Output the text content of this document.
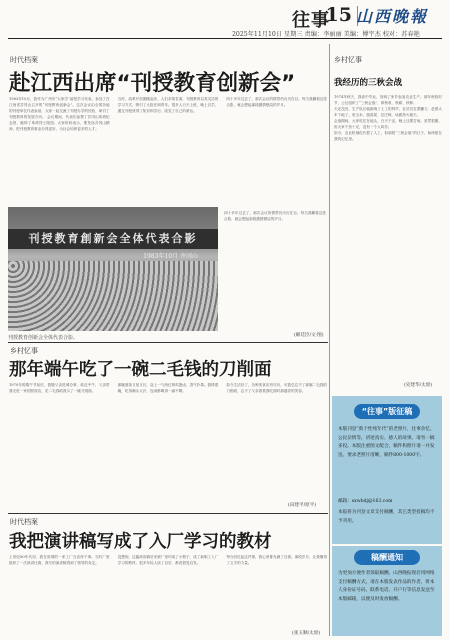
往事
15 山西晚報
2025年11月10日 星期三 责编：李丽丽 美编：傅宇杰 校对：苏春艳
时代档案
赴江西出席“刊授教育创新会”
1983年10月，我作为广州市“大家学”函授学习代表，参加了在江西省井冈山召开的“刊授教育创新会”。这次会议由全国各地的刊授单位代表参加，大家一起交流了刊授办学的经验，研讨了刊授教育的发展方向。 会议期间，代表们参观了井冈山革命纪念馆，瞻仰了革命烈士陵园。大家纷纷表示，要发扬井冈山精神，把刊授教育事业办得更好，为社会培养更多的人才。
当时，改革开放刚刚起步，人们求知若渴，刊授教育以其灵活的学习方式，吸引了大批在职青年。很多人白天上班，晚上自学，通过刊授获得了知识和学历，改变了自己的命运。
四十多年过去了，那次会议的情景仍历历在目。每当我翻看这张合影，就会想起那段激情燃烧的岁月。
刊授教育創新会全体代表合影
1983年10月 井冈山
刊授教育创新会全体代表合影。
四十多年过去了，那次会议的情景仍历历在目。每当我翻看这张合影，就会想起那段激情燃烧的岁月。
(解廷臣/文·图)
乡村忆事
那年端午吃了一碗二毛钱的刀削面
1970年的端午节前后，我随父亲进城办事，临近中午，父亲带我走进一家国营饭店，花二毛钱给我买了一碗刀削面。
那碗面条又宽又长，浇上一勺西红柿鸡蛋卤，香气扑鼻。我捧着碗，吃得满头大汗，连汤都喝得一滴不剩。
如今生活好了，各种美食应有尽有，可我总忘不了那碗二毛钱的刀削面，忘不了父亲看着我吃面时那慈祥的笑容。
(田建平/原平)
时代档案
我把演讲稿写成了入厂学习的教材
上世纪80年代初，我在省城的一家工厂当宣传干事。当时厂里组织了一次演讲比赛，我写的演讲稿得到了领导的肯定。
没想到，这篇演讲稿后来被厂里印成了小册子，成了新职工入厂学习的教材。很多年轻人读了以后，都说很受启发。
每当回忆起这件事，我心里都充满了自豪。那段岁月，让我懂得了文字的力量。
(张玉顺/太原)
乡村忆事
我经历的三秋会战
1974年秋天，我高中毕业，回到了家乡参加农业生产。那年秋收时节，公社组织了“三秋会战”，即秋收、秋耕、秋种。
天还没亮，生产队长就敲响了上工的钟声，社员们扛着镰刀、赶着大车下地了。收玉米、刨高粱、拉庄稼，场面热火朝天。
会战期间，大家吃住在地头，白天干活，晚上还要打场。虽然很累，但大家干劲十足，没有一个人叫苦。
如今，农业机械化代替了人工，但那段“三秋会战”的日子，始终留在我的记忆里。
(史建华/太原)
“往事”版征稿
本版刊登“新个性纯年代”的老照片，往事杂忆、公民杂情等，讲述真实、感人的故事。请勿一稿多投。本版注重图文配合，稿件和照片请一并发送。要求老照片清晰，稿件800-1000字。
邮箱：sxwbdj@163.com
本报将为刊登文章支付稿酬，其它类型投稿均不予刊用。
稿酬通知
为更加方便作者领取稿酬，山西晚报现启用网络支付稿酬方式，请在本版发表作品的作者，将本人身份证号码、联系电话、开户行等信息发送至本版邮箱，以便及时发放稿酬。
